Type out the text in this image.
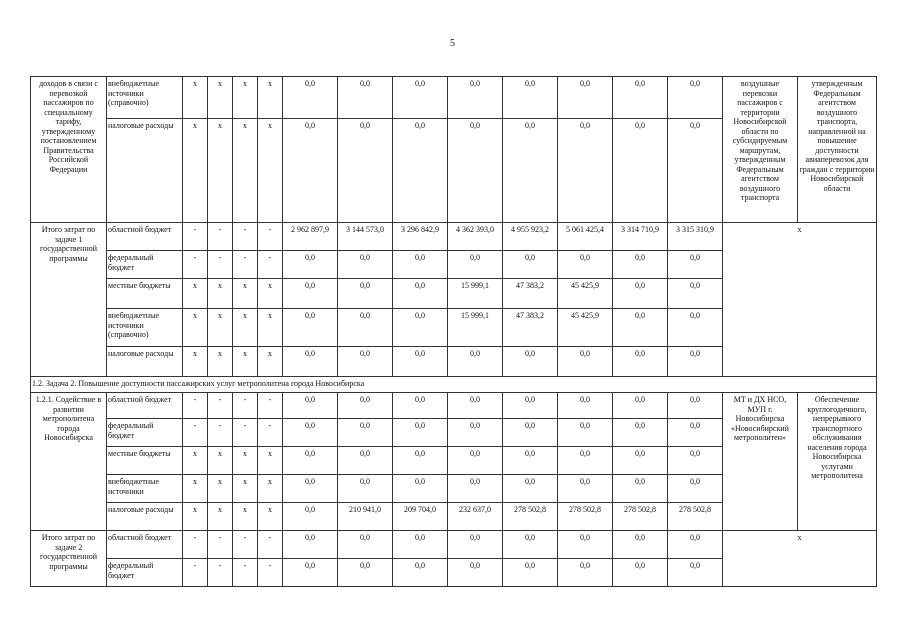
5
доходов в связи с перевозкой пассажиров по специальному тарифу, утвержденному постановлением Правительства Российской Федерации	внебюджетные источники (справочно)	x	x	x	x	0,0	0,0	0,0	0,0	0,0	0,0	0,0	0,0	воздушные перевозки пассажиров с территории Новосибирской области по субсидируемым маршрутам, утвержденным Федеральным агентством воздушного транспорта	утвержденным Федеральным агентством воздушного транспорта, направленной на повышение доступности авиаперевозок для граждан с территории Новосибирской области
	налоговые расходы	x	x	x	x	0,0	0,0	0,0	0,0	0,0	0,0	0,0	0,0		
Итого затрат по задаче 1 государственной программы	областной бюджет	-	-	-	-	2 962 897,9	3 144 573,0	3 296 842,9	4 362 393,0	4 955 923,2	5 061 425,4	3 314 710,9	3 315 310,9	x	
	федеральный бюджет	-	-	-	-	0,0	0,0	0,0	0,0	0,0	0,0	0,0	0,0		
	местные бюджеты	x	x	x	x	0,0	0,0	0,0	15 999,1	47 383,2	45 425,9	0,0	0,0		
	внебюджетные источники (справочно)	x	x	x	x	0,0	0,0	0,0	15 999,1	47 383,2	45 425,9	0,0	0,0		
	налоговые расходы	x	x	x	x	0,0	0,0	0,0	0,0	0,0	0,0	0,0	0,0		
1.2. Задача 2. Повышение доступности пассажирских услуг метрополитена города Новосибирска															
1.2.1. Содействие в развитии метрополитена города Новосибирска	областной бюджет	-	-	-	-	0,0	0,0	0,0	0,0	0,0	0,0	0,0	0,0	МТ и ДХ НСО, МУП г. Новосибирска «Новосибирский метрополитен»	Обеспечение круглогодичного, непрерывного транспортного обслуживания населения города Новосибирска услугами метрополитена
	федеральный бюджет	-	-	-	-	0,0	0,0	0,0	0,0	0,0	0,0	0,0	0,0		
	местные бюджеты	x	x	x	x	0,0	0,0	0,0	0,0	0,0	0,0	0,0	0,0		
	внебюджетные источники	x	x	x	x	0,0	0,0	0,0	0,0	0,0	0,0	0,0	0,0		
	налоговые расходы	x	x	x	x	0,0	210 941,0	209 704,0	232 637,0	278 502,8	278 502,8	278 502,8	278 502,8		
Итого затрат по задаче 2 государственной программы	областной бюджет	-	-	-	-	0,0	0,0	0,0	0,0	0,0	0,0	0,0	0,0	x	
	федеральный бюджет	-	-	-	-	0,0	0,0	0,0	0,0	0,0	0,0	0,0	0,0		
